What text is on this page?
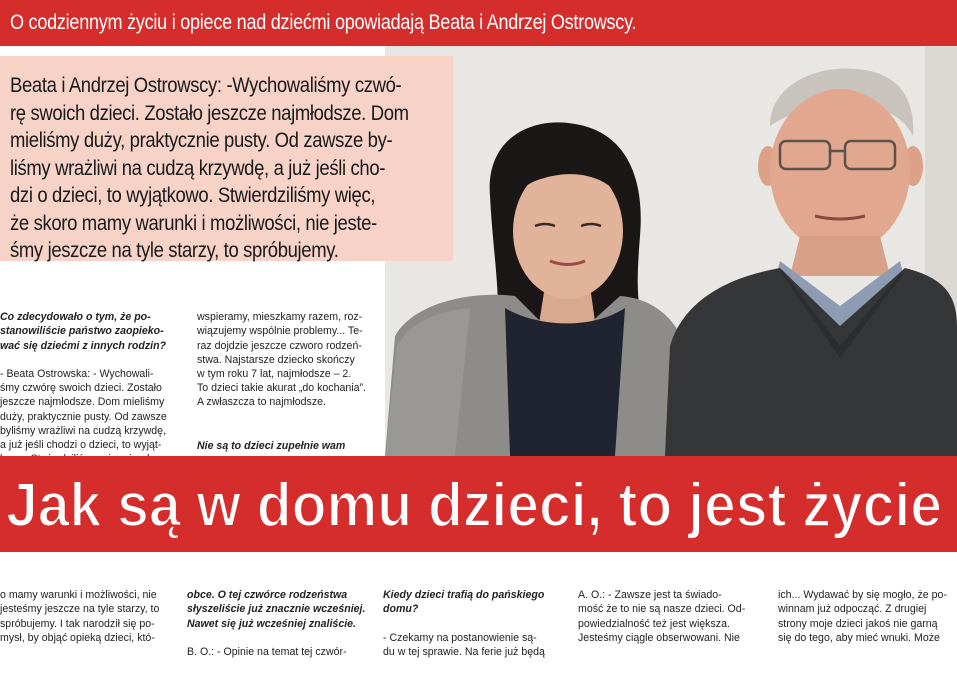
O codziennym życiu i opiece nad dziećmi opowiadają Beata i Andrzej Ostrowscy.
Beata i Andrzej Ostrowscy: -Wychowaliśmy czwó-
rę swoich dzieci. Zostało jeszcze najmłodsze. Dom
mieliśmy duży, praktycznie pusty. Od zawsze by-
liśmy wrażliwi na cudzą krzywdę, a już jeśli cho-
dzi o dzieci, to wyjątkowo. Stwierdziliśmy więc,
że skoro mamy warunki i możliwości, nie jeste-
śmy jeszcze na tyle starzy, to spróbujemy.

Co zdecydowało o tym, że po-
stanowiliście państwo zaopieko-
wać się dziećmi z innych rodzin?

- Beata Ostrowska: - Wychowali-
śmy czwórę swoich dzieci. Zostało
jeszcze najmłodsze. Dom mieliśmy
duży, praktycznie pusty. Od zawsze
byliśmy wrażliwi na cudzą krzywdę,
a już jeśli chodzi o dzieci, to wyjąt-

wspieramy, mieszkamy razem, roz-
wiązujemy wspólnie problemy... Te-
raz dojdzie jeszcze czworo rodzeń-
stwa. Najstarsze dziecko skończy
w tym roku 7 lat, najmłodsze – 2.
To dzieci takie akurat „do kochania”.
A zwłaszcza to najmłodsze.

Nie są to dzieci zupełnie wam

Jak są w domu dzieci, to jest życie

o mamy warunki i możliwości, nie
jesteśmy jeszcze na tyle starzy, to
spróbujemy. I tak narodził się po-
mysł, by objąć opieką dzieci, któ-

obce. O tej czwórce rodzeństwa
słyszeliście już znacznie wcześniej.
Nawet się już wcześniej znaliście.

B. O.: - Opinie na temat tej czwór-

Kiedy dzieci trafią do pańskiego
domu?

- Czekamy na postanowienie są-
du w tej sprawie. Na ferie już będą

A. O.: - Zawsze jest ta świado-
mość że to nie są nasze dzieci. Od-
powiedzialność też jest większa.
Jesteśmy ciągle obserwowani. Nie

ich... Wydawać by się mogło, że po-
winnam już odpocząć. Z drugiej
strony moje dzieci jakoś nie garną
się do tego, aby mieć wnuki. Może
